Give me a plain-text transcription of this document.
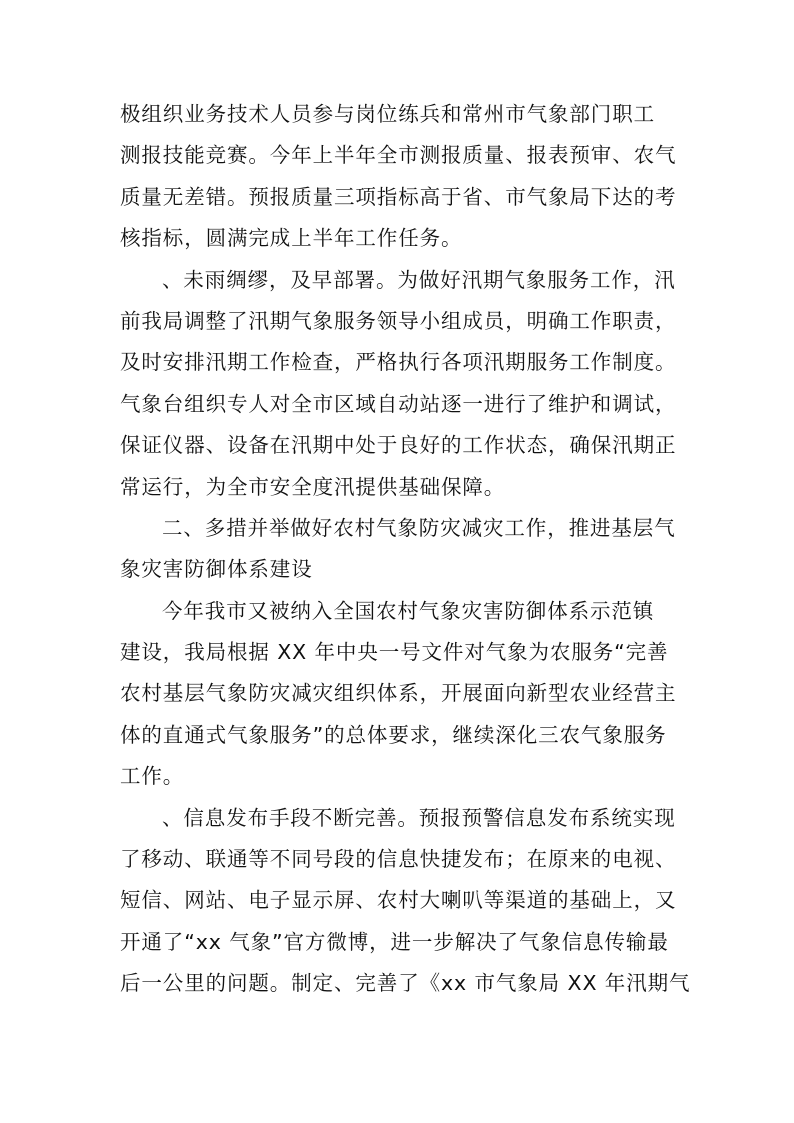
极组织业务技术人员参与岗位练兵和常州市气象部门职工
测报技能竞赛。今年上半年全市测报质量、报表预审、农气
质量无差错。预报质量三项指标高于省、市气象局下达的考
核指标，圆满完成上半年工作任务。
、未雨绸缪，及早部署。为做好汛期气象服务工作，汛
前我局调整了汛期气象服务领导小组成员，明确工作职责，
及时安排汛期工作检查，严格执行各项汛期服务工作制度。
气象台组织专人对全市区域自动站逐一进行了维护和调试，
保证仪器、设备在汛期中处于良好的工作状态，确保汛期正
常运行，为全市安全度汛提供基础保障。
二、多措并举做好农村气象防灾减灾工作，推进基层气
象灾害防御体系建设
今年我市又被纳入全国农村气象灾害防御体系示范镇
建设，我局根据 XX 年中央一号文件对气象为农服务“完善
农村基层气象防灾减灾组织体系，开展面向新型农业经营主
体的直通式气象服务”的总体要求，继续深化三农气象服务
工作。
、信息发布手段不断完善。预报预警信息发布系统实现
了移动、联通等不同号段的信息快捷发布；在原来的电视、
短信、网站、电子显示屏、农村大喇叭等渠道的基础上，又
开通了“xx 气象”官方微博，进一步解决了气象信息传输最
后一公里的问题。制定、完善了《xx 市气象局 XX 年汛期气
